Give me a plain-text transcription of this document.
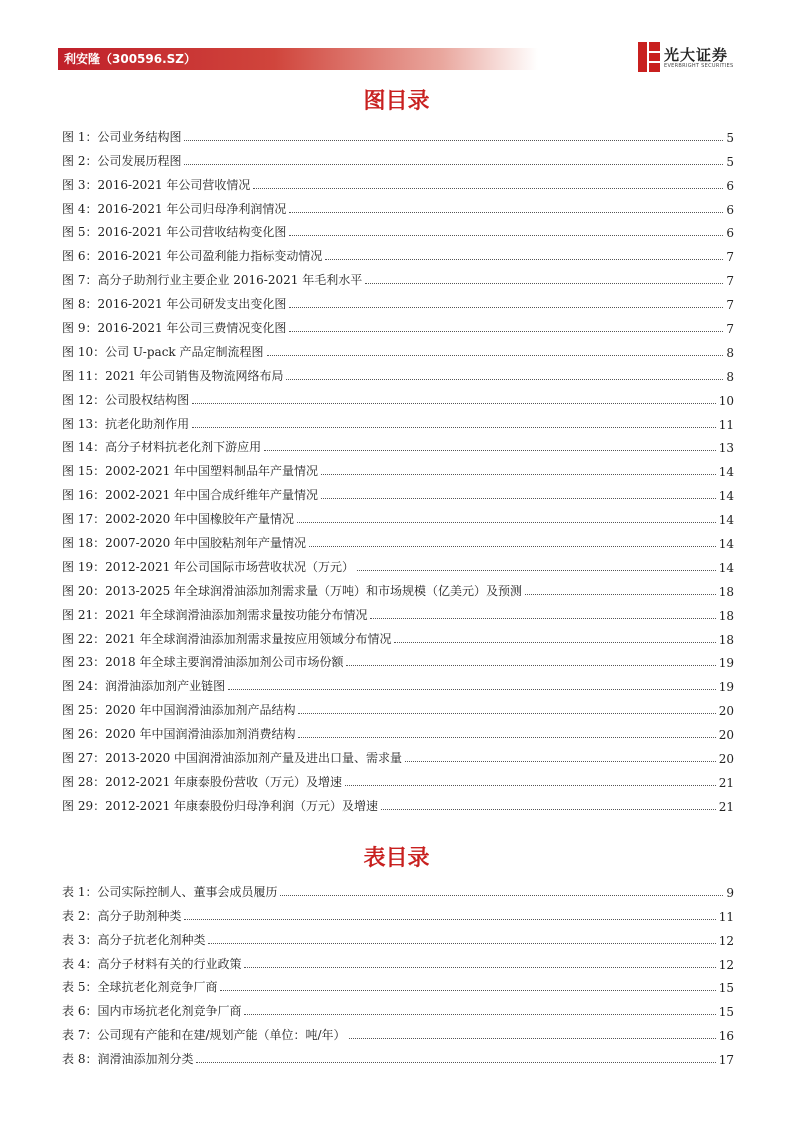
利安隆（300596.SZ）	光大证券
EVERBRIGHT SECURITIES
图目录
图 1：公司业务结构图	5
图 2：公司发展历程图	5
图 3：2016-2021 年公司营收情况	6
图 4：2016-2021 年公司归母净利润情况	6
图 5：2016-2021 年公司营收结构变化图	6
图 6：2016-2021 年公司盈利能力指标变动情况	7
图 7：高分子助剂行业主要企业 2016-2021 年毛利水平	7
图 8：2016-2021 年公司研发支出变化图	7
图 9：2016-2021 年公司三费情况变化图	7
图 10：公司 U-pack 产品定制流程图	8
图 11：2021 年公司销售及物流网络布局	8
图 12：公司股权结构图	10
图 13：抗老化助剂作用	11
图 14：高分子材料抗老化剂下游应用	13
图 15：2002-2021 年中国塑料制品年产量情况	14
图 16：2002-2021 年中国合成纤维年产量情况	14
图 17：2002-2020 年中国橡胶年产量情况	14
图 18：2007-2020 年中国胶粘剂年产量情况	14
图 19：2012-2021 年公司国际市场营收状况（万元）	14
图 20：2013-2025 年全球润滑油添加剂需求量（万吨）和市场规模（亿美元）及预测	18
图 21：2021 年全球润滑油添加剂需求量按功能分布情况	18
图 22：2021 年全球润滑油添加剂需求量按应用领域分布情况	18
图 23：2018 年全球主要润滑油添加剂公司市场份额	19
图 24：润滑油添加剂产业链图	19
图 25：2020 年中国润滑油添加剂产品结构	20
图 26：2020 年中国润滑油添加剂消费结构	20
图 27：2013-2020 中国润滑油添加剂产量及进出口量、需求量	20
图 28：2012-2021 年康泰股份营收（万元）及增速	21
图 29：2012-2021 年康泰股份归母净利润（万元）及增速	21
表目录
表 1：公司实际控制人、董事会成员履历	9
表 2：高分子助剂种类	11
表 3：高分子抗老化剂种类	12
表 4：高分子材料有关的行业政策	12
表 5：全球抗老化剂竞争厂商	15
表 6：国内市场抗老化剂竞争厂商	15
表 7：公司现有产能和在建/规划产能（单位：吨/年）	16
表 8：润滑油添加剂分类	17
